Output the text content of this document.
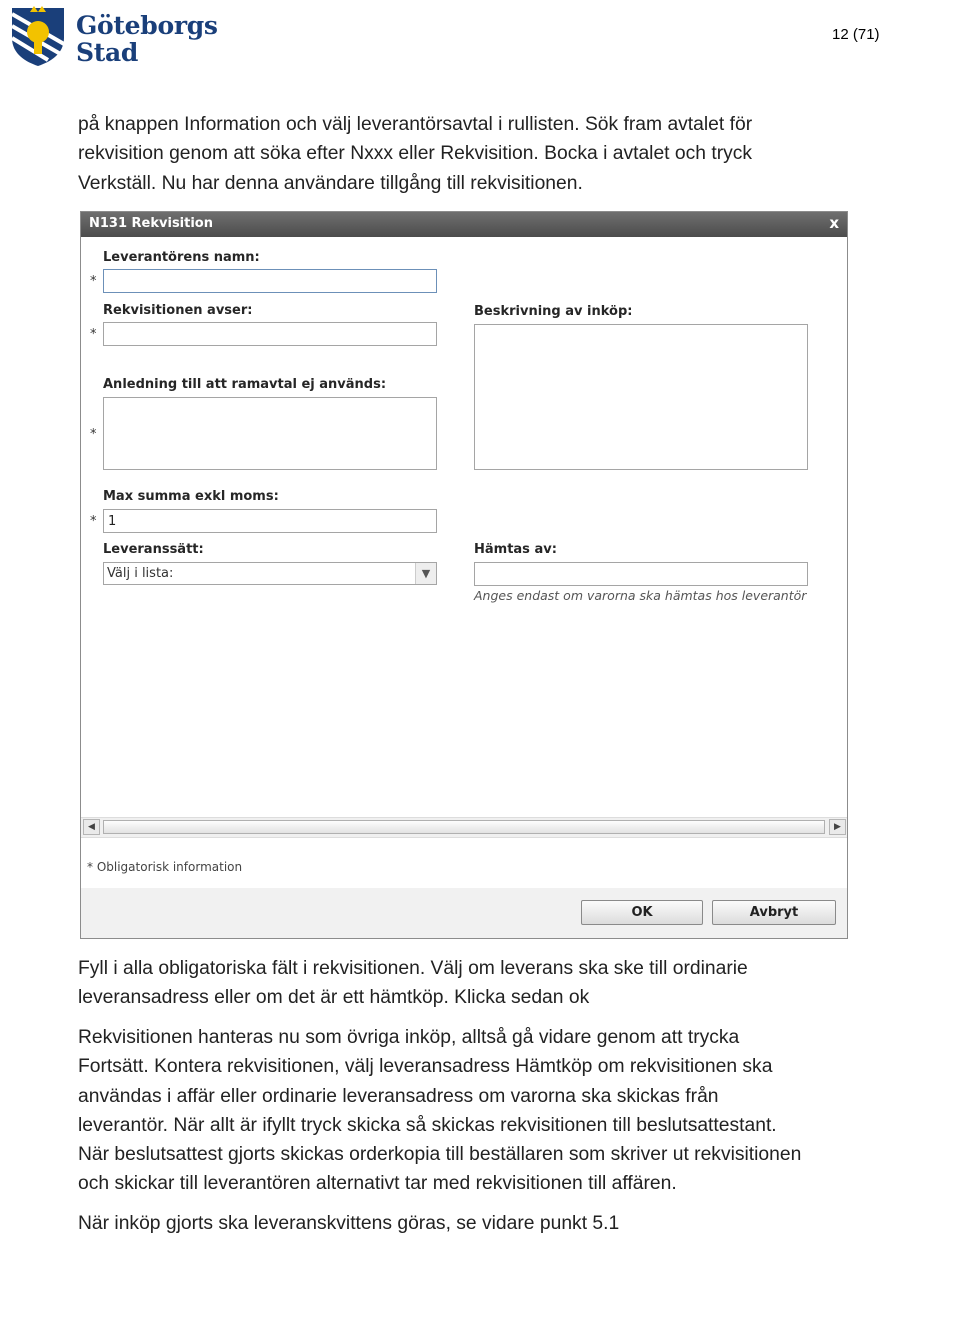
Göteborgs
Stad
12 (71)
på knappen Information och välj leverantörsavtal i rullisten. Sök fram avtalet för
rekvisition genom att söka efter Nxxx eller Rekvisition. Bocka i avtalet och tryck
Verkställ. Nu har denna användare tillgång till rekvisitionen.
N131 Rekvisition	x
Leverantörens namn:
*
Rekvisitionen avser:
*
Beskrivning av inköp:
Anledning till att ramavtal ej används:
*
Max summa exkl moms:
*
1
Leveranssätt:
Välj i lista:	▼
Hämtas av:
Anges endast om varorna ska hämtas hos leverantör
◀	▶
* Obligatorisk information
OK	Avbryt
Fyll i alla obligatoriska fält i rekvisitionen. Välj om leverans ska ske till ordinarie
leveransadress eller om det är ett hämtköp. Klicka sedan ok
Rekvisitionen hanteras nu som övriga inköp, alltså gå vidare genom att trycka
Fortsätt. Kontera rekvisitionen, välj leveransadress Hämtköp om rekvisitionen ska
användas i affär eller ordinarie leveransadress om varorna ska skickas från
leverantör. När allt är ifyllt tryck skicka så skickas rekvisitionen till beslutsattestant.
När beslutsattest gjorts skickas orderkopia till beställaren som skriver ut rekvisitionen
och skickar till leverantören alternativt tar med rekvisitionen till affären.
När inköp gjorts ska leveranskvittens göras, se vidare punkt 5.1
